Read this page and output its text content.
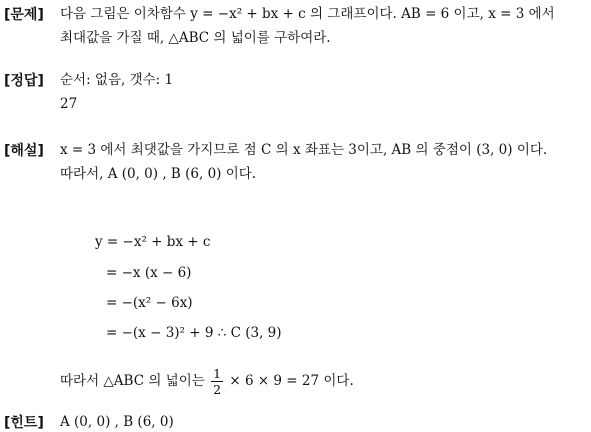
[문제] 다음 그림은 이차함수 y = −x² + bx + c 의 그래프이다. AB = 6 이고, x = 3 에서
최대값을 가질 때, △ABC 의 넓이를 구하여라.
[정답] 순서: 없음, 갯수: 1
27
[해설] x = 3 에서 최댓값을 가지므로 점 C 의 x 좌표는 3이고, AB 의 중점이 (3, 0) 이다.
따라서, A (0, 0) , B (6, 0) 이다.
y = −x² + bx + c
= −x (x − 6)
= −(x² − 6x)
= −(x − 3)² + 9 ∴ C (3, 9)
따라서 △ABC 의 넓이는 $\frac{1}{2} \times 6 \times 9 = 27$ 이다.
[힌트] A (0, 0) , B (6, 0)
